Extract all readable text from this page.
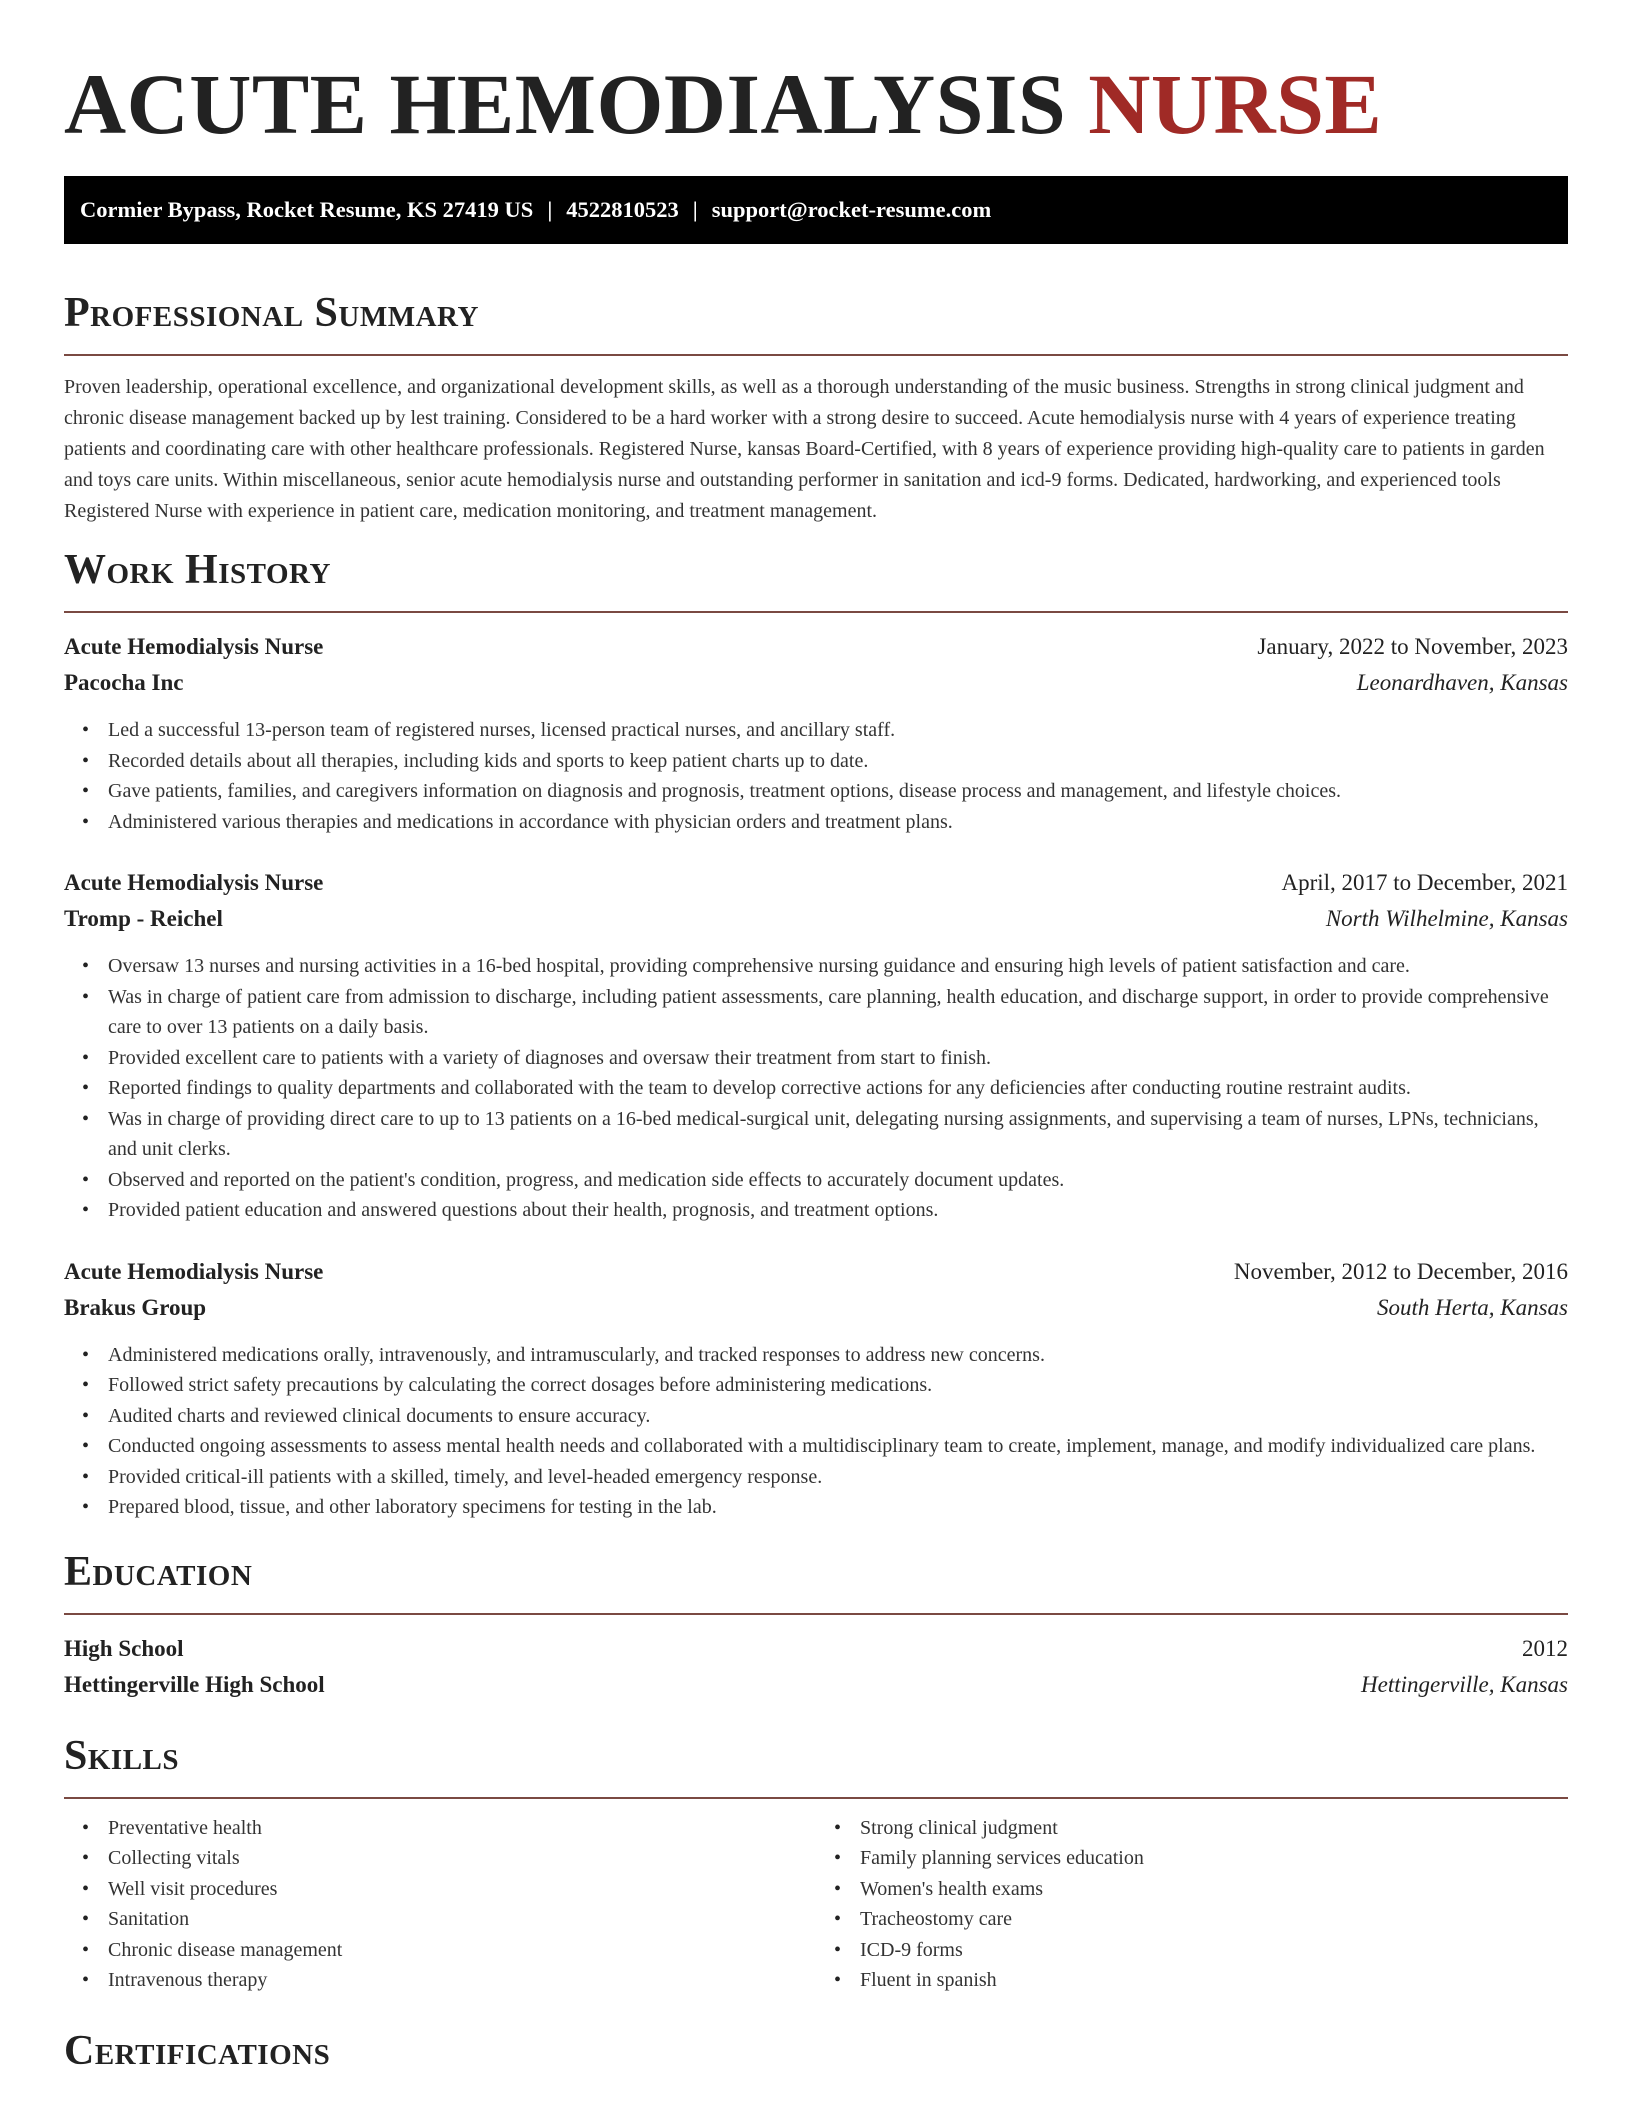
ACUTE HEMODIALYSIS NURSE
Cormier Bypass, Rocket Resume, KS 27419 US | 4522810523 | support@rocket-resume.com
Professional Summary

Proven leadership, operational excellence, and organizational development skills, as well as a thorough understanding of the music business. Strengths in strong clinical judgment and chronic disease management backed up by lest training. Considered to be a hard worker with a strong desire to succeed. Acute hemodialysis nurse with 4 years of experience treating patients and coordinating care with other healthcare professionals. Registered Nurse, kansas Board-Certified, with 8 years of experience providing high-quality care to patients in garden and toys care units. Within miscellaneous, senior acute hemodialysis nurse and outstanding performer in sanitation and icd-9 forms. Dedicated, hardworking, and experienced tools Registered Nurse with experience in patient care, medication monitoring, and treatment management.

Work History
Acute Hemodialysis Nurse	January, 2022 to November, 2023
Pacocha Inc	Leonardhaven, Kansas
• Led a successful 13-person team of registered nurses, licensed practical nurses, and ancillary staff.
• Recorded details about all therapies, including kids and sports to keep patient charts up to date.
• Gave patients, families, and caregivers information on diagnosis and prognosis, treatment options, disease process and management, and lifestyle choices.
• Administered various therapies and medications in accordance with physician orders and treatment plans.
Acute Hemodialysis Nurse	April, 2017 to December, 2021
Tromp - Reichel	North Wilhelmine, Kansas
• Oversaw 13 nurses and nursing activities in a 16-bed hospital, providing comprehensive nursing guidance and ensuring high levels of patient satisfaction and care.
• Was in charge of patient care from admission to discharge, including patient assessments, care planning, health education, and discharge support, in order to provide comprehensive care to over 13 patients on a daily basis.
• Provided excellent care to patients with a variety of diagnoses and oversaw their treatment from start to finish.
• Reported findings to quality departments and collaborated with the team to develop corrective actions for any deficiencies after conducting routine restraint audits.
• Was in charge of providing direct care to up to 13 patients on a 16-bed medical-surgical unit, delegating nursing assignments, and supervising a team of nurses, LPNs, technicians, and unit clerks.
• Observed and reported on the patient's condition, progress, and medication side effects to accurately document updates.
• Provided patient education and answered questions about their health, prognosis, and treatment options.
Acute Hemodialysis Nurse	November, 2012 to December, 2016
Brakus Group	South Herta, Kansas
• Administered medications orally, intravenously, and intramuscularly, and tracked responses to address new concerns.
• Followed strict safety precautions by calculating the correct dosages before administering medications.
• Audited charts and reviewed clinical documents to ensure accuracy.
• Conducted ongoing assessments to assess mental health needs and collaborated with a multidisciplinary team to create, implement, manage, and modify individualized care plans.
• Provided critical-ill patients with a skilled, timely, and level-headed emergency response.
• Prepared blood, tissue, and other laboratory specimens for testing in the lab.
Education
High School	2012
Hettingerville High School	Hettingerville, Kansas
Skills
• Preventative health
• Collecting vitals
• Well visit procedures
• Sanitation
• Chronic disease management
• Intravenous therapy
• Strong clinical judgment
• Family planning services education
• Women's health exams
• Tracheostomy care
• ICD-9 forms
• Fluent in spanish
Certifications
